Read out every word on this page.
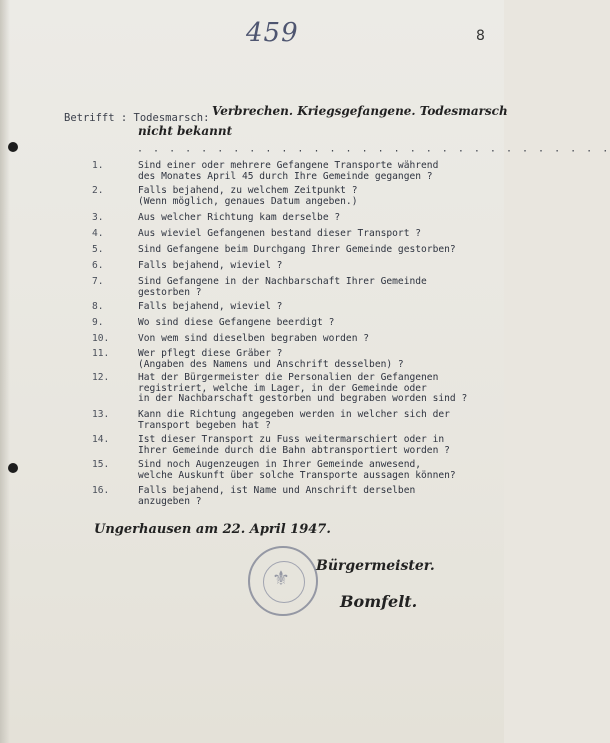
459	8
Betrifft : Todesmarsch: Verbrechen. Kriegsgefangene. Todesmarsch
nicht bekannt
· · · · · · · · · · · · · · · · · · · · · · · · · · · · · ·
1.	Sind einer oder mehrere Gefangene Transporte während
des Monates April 45 durch Ihre Gemeinde gegangen ?
2.	Falls bejahend, zu welchem Zeitpunkt ?
(Wenn möglich, genaues Datum angeben.)
3.	Aus welcher Richtung kam derselbe ?
4.	Aus wieviel Gefangenen bestand dieser Transport ?
5.	Sind Gefangene beim Durchgang Ihrer Gemeinde gestorben?
6.	Falls bejahend, wieviel ?
7.	Sind Gefangene in der Nachbarschaft Ihrer Gemeinde
gestorben ?
8.	Falls bejahend, wieviel ?
9.	Wo sind diese Gefangene beerdigt ?
10.	Von wem sind dieselben begraben worden ?
11.	Wer pflegt diese Gräber ?
(Angaben des Namens und Anschrift desselben) ?
12.	Hat der Bürgermeister die Personalien der Gefangenen
registriert, welche im Lager, in der Gemeinde oder
in der Nachbarschaft gestorben und begraben worden sind ?
13.	Kann die Richtung angegeben werden in welcher sich der
Transport begeben hat ?
14.	Ist dieser Transport zu Fuss weitermarschiert oder in
Ihrer Gemeinde durch die Bahn abtransportiert worden ?
15.	Sind noch Augenzeugen in Ihrer Gemeinde anwesend,
welche Auskunft über solche Transporte aussagen können?
16.	Falls bejahend, ist Name und Anschrift derselben
anzugeben ?
Ungerhausen am 22. April 1947.
⚜ Bürgermeister.
Bomfelt.
